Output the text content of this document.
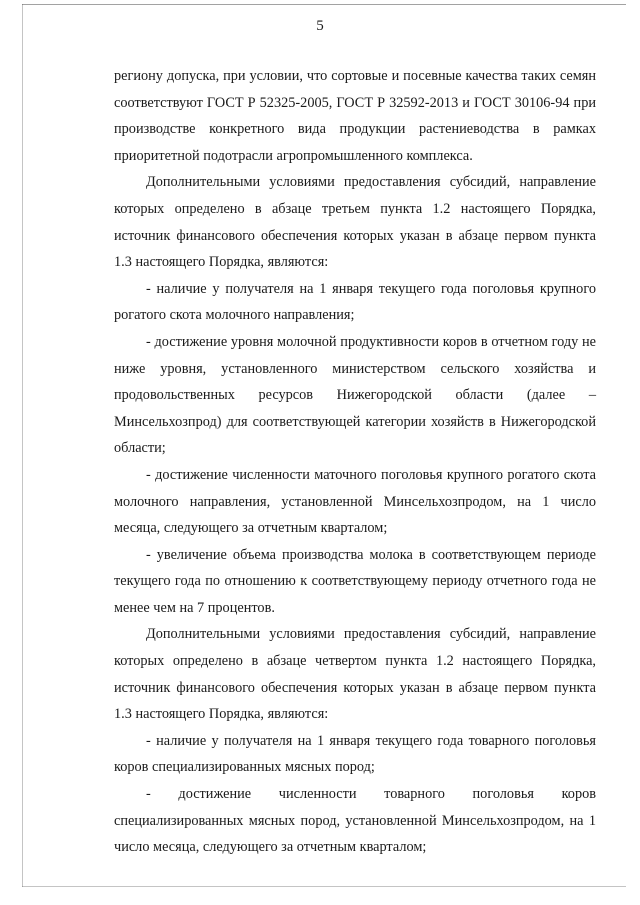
5

региону допуска, при условии, что сортовые и посевные качества таких семян соответствуют ГОСТ Р 52325-2005, ГОСТ Р 32592-2013 и ГОСТ 30106-94 при производстве конкретного вида продукции растениеводства в рамках приоритетной подотрасли агропромышленного комплекса.

Дополнительными условиями предоставления субсидий, направление которых определено в абзаце третьем пункта 1.2 настоящего Порядка, источник финансового обеспечения которых указан в абзаце первом пункта 1.3 настоящего Порядка, являются:

- наличие у получателя на 1 января текущего года поголовья крупного рогатого скота молочного направления;

- достижение уровня молочной продуктивности коров в отчетном году не ниже уровня, установленного министерством сельского хозяйства и продовольственных ресурсов Нижегородской области (далее – Минсельхозпрод) для соответствующей категории хозяйств в Нижегородской области;

- достижение численности маточного поголовья крупного рогатого скота молочного направления, установленной Минсельхозпродом, на 1 число месяца, следующего за отчетным кварталом;

- увеличение объема производства молока в соответствующем периоде текущего года по отношению к соответствующему периоду отчетного года не менее чем на 7 процентов.

Дополнительными условиями предоставления субсидий, направление которых определено в абзаце четвертом пункта 1.2 настоящего Порядка, источник финансового обеспечения которых указан в абзаце первом пункта 1.3 настоящего Порядка, являются:

- наличие у получателя на 1 января текущего года товарного поголовья коров специализированных мясных пород;

- достижение численности товарного поголовья коров специализированных мясных пород, установленной Минсельхозпродом, на 1 число месяца, следующего за отчетным кварталом;
